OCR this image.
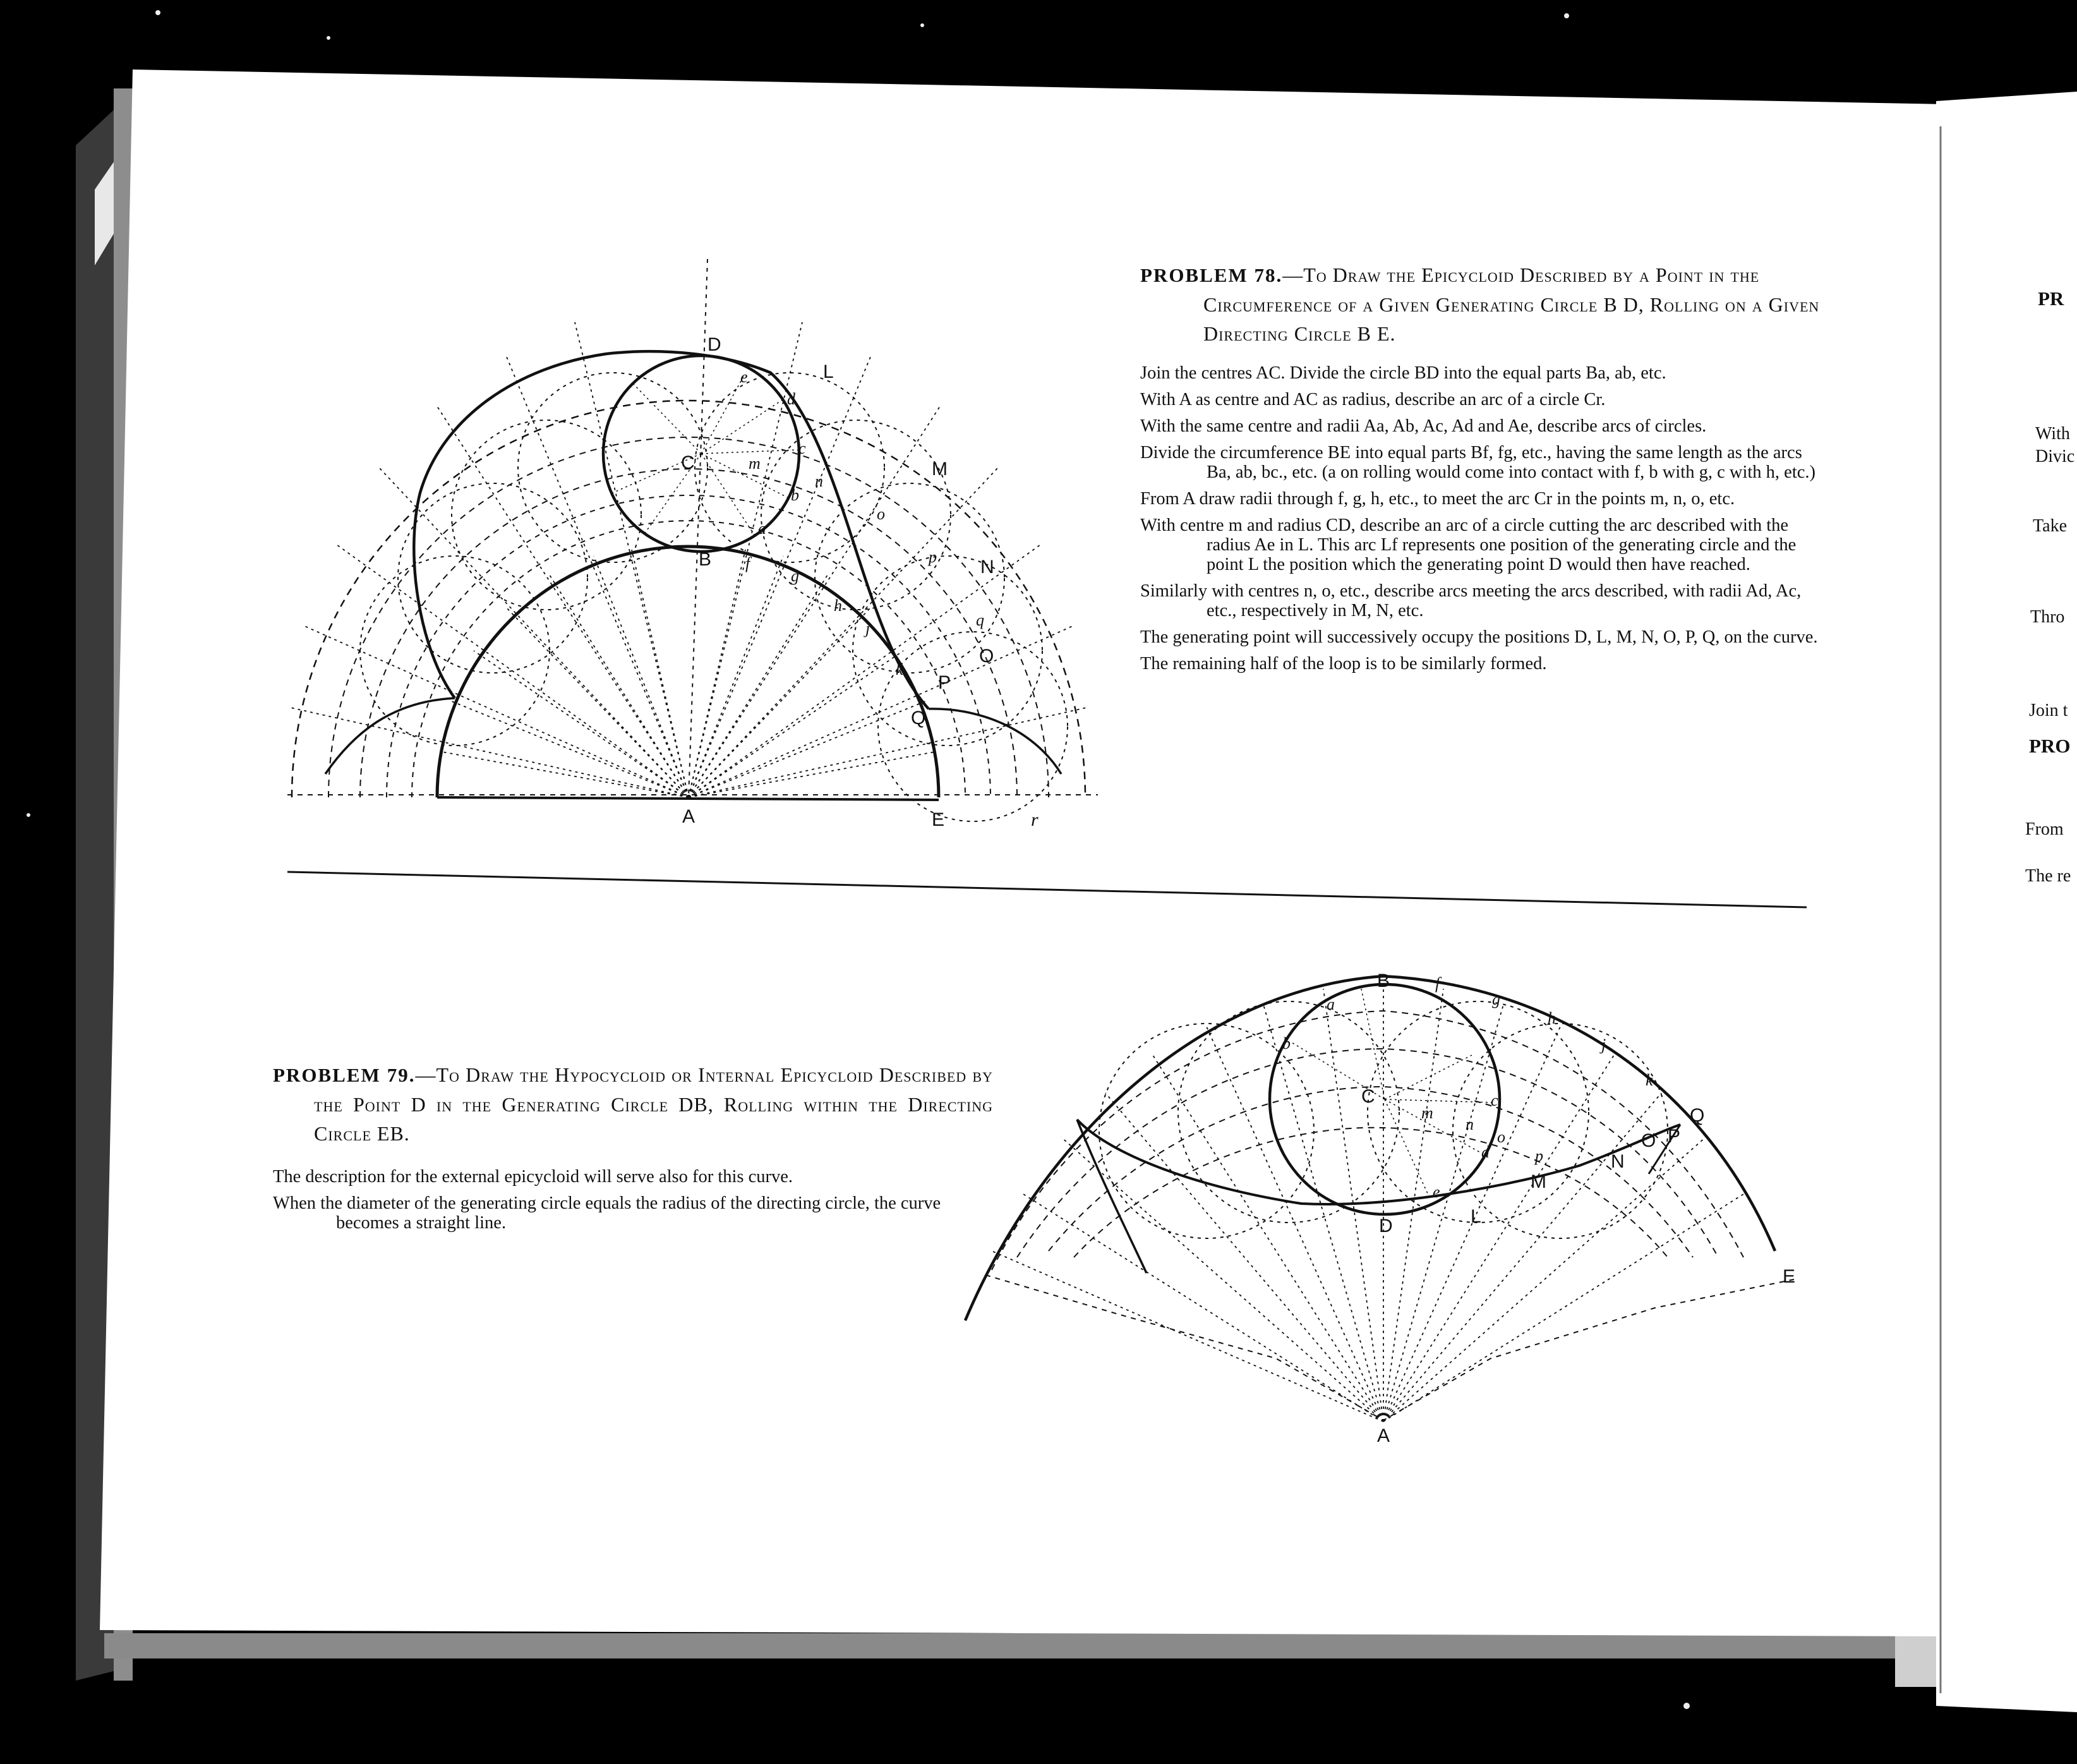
D
L
C	M
N
O
P
Q
B
A	E	r
e
d
c
b
a
f
g
h
j
k
m
n
o
p
q
B
C
D
A
E
Q
M
N
L
O P
a
b
c
d
e
f
g
h
j
k
m
n
o
p
PROBLEM 78.—To Draw the Epicycloid Described by a Point in the Circumference of a Given Generating Circle B D, Rolling on a Given Directing Circle B E.

Join the centres AC. Divide the circle BD into the equal parts Ba, ab, etc.

With A as centre and AC as radius, describe an arc of a circle Cr.

With the same centre and radii Aa, Ab, Ac, Ad and Ae, describe arcs of circles.

Divide the circumference BE into equal parts Bf, fg, etc., having the same length as the arcs Ba, ab, bc., etc. (a on rolling would come into contact with f, b with g, c with h, etc.)

From A draw radii through f, g, h, etc., to meet the arc Cr in the points m, n, o, etc.

With centre m and radius CD, describe an arc of a circle cutting the arc described with the radius Ae in L. This arc Lf represents one position of the generating circle and the point L the position which the generating point D would then have reached.

Similarly with centres n, o, etc., describe arcs meeting the arcs described, with radii Ad, Ac, etc., respectively in M, N, etc.

The generating point will successively occupy the positions D, L, M, N, O, P, Q, on the curve.

The remaining half of the loop is to be similarly formed.

PROBLEM 79.—To Draw the Hypocycloid or Internal Epicycloid Described by the Point D in the Generating Circle DB, Rolling within the Directing Circle EB.

The description for the external epicycloid will serve also for this curve.

When the diameter of the generating circle equals the radius of the directing circle, the curve becomes a straight line.

PR
With
Divic
Take
Thro
Join t
PRO
From
The re
